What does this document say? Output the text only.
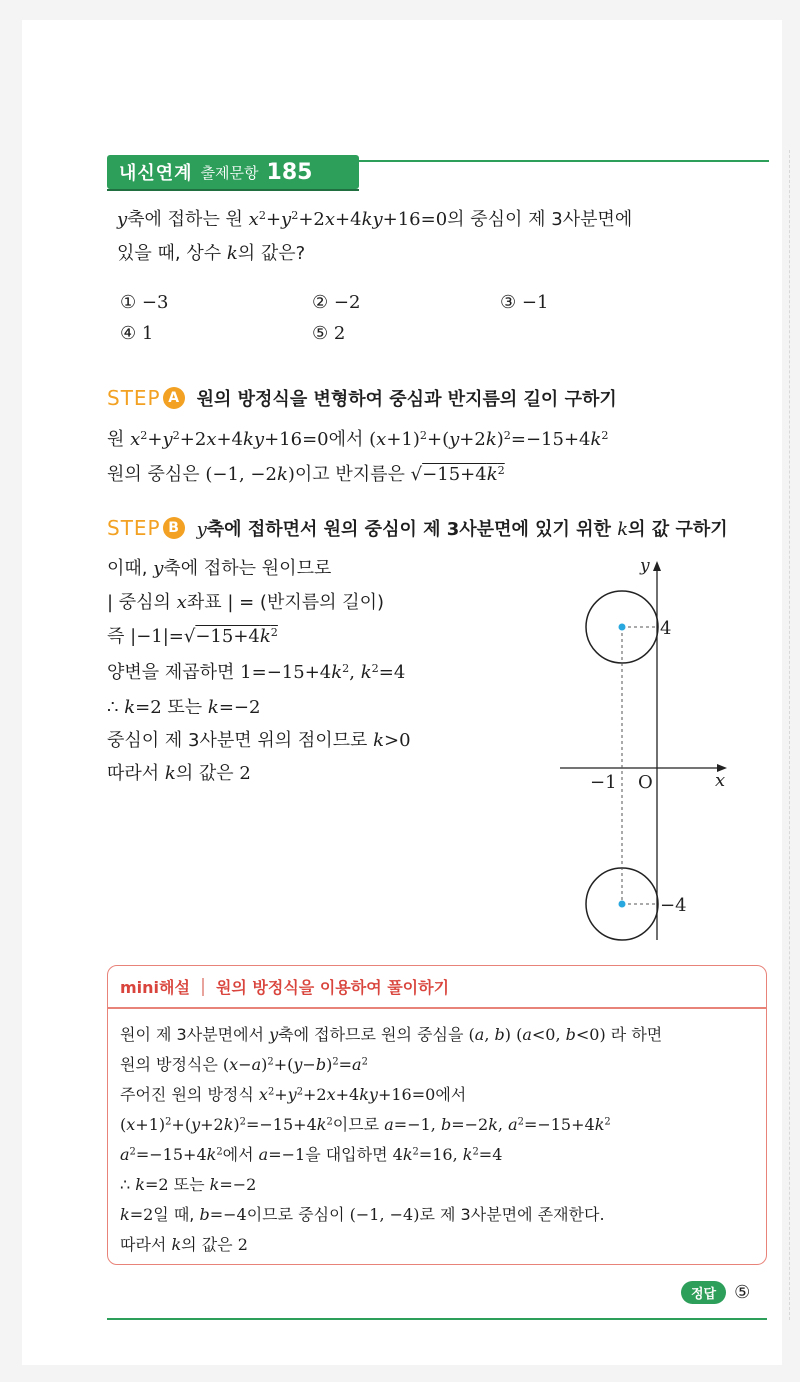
내신연계 출제문항 185
y축에 접하는 원 $x^2+y^2+2x+4ky+16=0$의 중심이 제 3사분면에
있을 때, 상수 k의 값은?
① −3	② −2	③ −1
④ 1	⑤ 2
STEP A 원의 방정식을 변형하여 중심과 반지름의 길이 구하기
원 $x^2+y^2+2x+4ky+16=0$에서 $(x+1)^2+(y+2k)^2=-15+4k^2$
원의 중심은 (−1, −2k)이고 반지름은 $√-15+4k^2$
STEP B y축에 접하면서 원의 중심이 제 3사분면에 있기 위한 k의 값 구하기
이때, y축에 접하는 원이므로
| 중심의 x좌표 | = (반지름의 길이)
즉 $|-1|=√-15+4k^2$
양변을 제곱하면 $1=-15+4k^2$, $k^2=4$
∴ k=2 또는 k=−2
중심이 제 3사분면 위의 점이므로 k>0
따라서 k의 값은 2
y
x
O
−1
4
−4
mini해설 원의 방정식을 이용하여 풀이하기
원이 제 3사분면에서 y축에 접하므로 원의 중심을 (a, b) (a<0, b<0) 라 하면
원의 방정식은 $(x-a)^2+(y-b)^2=a^2$
주어진 원의 방정식 $x^2+y^2+2x+4ky+16=0$에서
$(x+1)^2+(y+2k)^2=-15+4k^2$이므로 a=−1, b=−2k, $a^2=-15+4k^2$
$a^2=-15+4k^2$에서 a=−1을 대입하면 $4k^2=16$, $k^2=4$
∴ k=2 또는 k=−2
k=2일 때, b=−4이므로 중심이 (−1, −4)로 제 3사분면에 존재한다.
따라서 k의 값은 2
정답	⑤
